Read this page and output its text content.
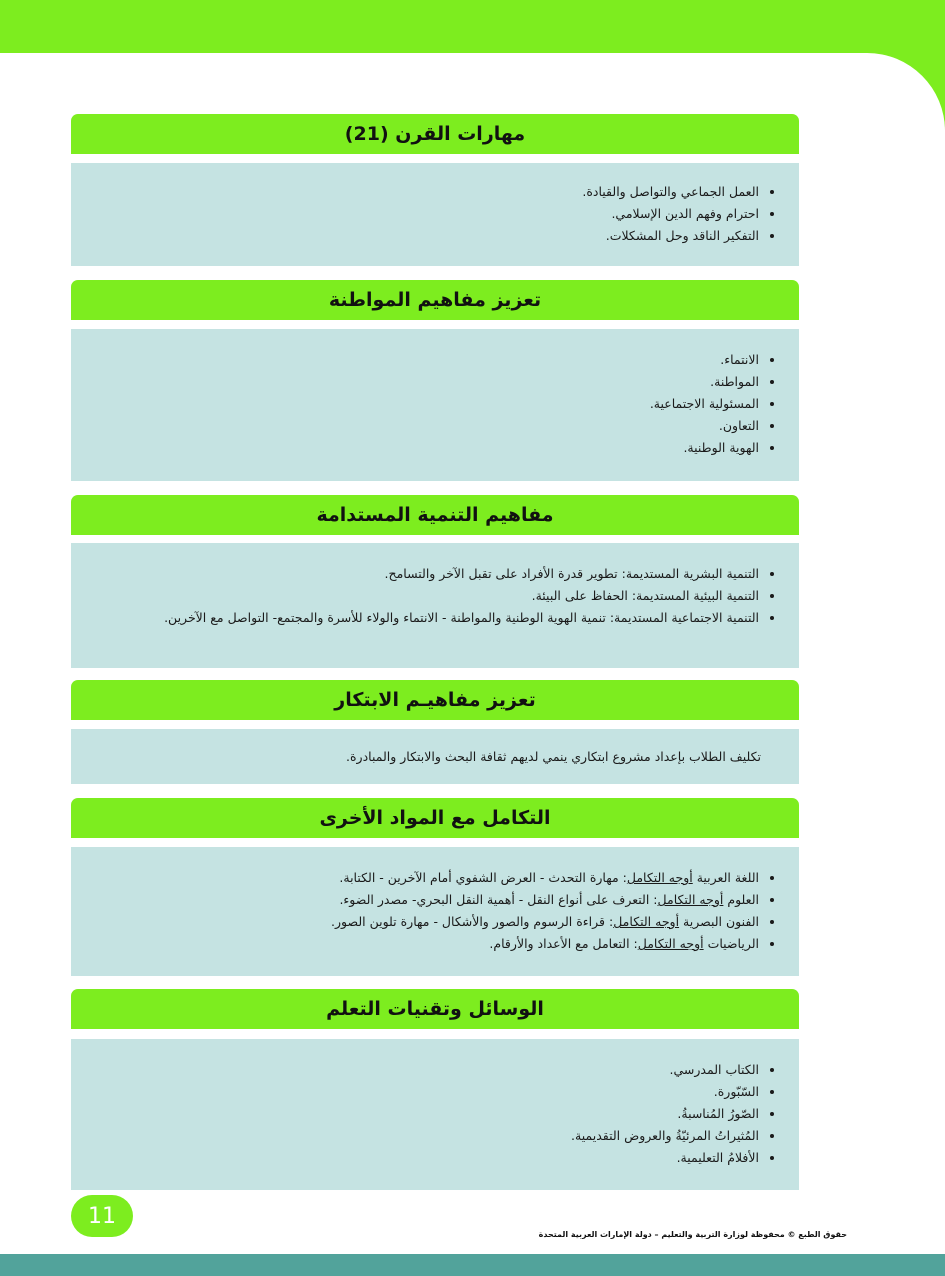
مهارات القرن (21)
• العمل الجماعي والتواصل والقيادة.
• احترام وفهم الدين الإسلامي.
• التفكير الناقد وحل المشكلات.
تعزيز مفاهيم المواطنة
• الانتماء.
• المواطنة.
• المسئولية الاجتماعية.
• التعاون.
• الهوية الوطنية.
مفاهيم التنمية المستدامة
• التنمية البشرية المستديمة: تطوير قدرة الأفراد على تقبل الآخر والتسامح.
• التنمية البيئية المستديمة: الحفاظ على البيئة.
• التنمية الاجتماعية المستديمة: تنمية الهوية الوطنية والمواطنة - الانتماء والولاء للأسرة والمجتمع- التواصل مع الآخرين.
تعزيز مفاهيـم الابتكار

تكليف الطلاب بإعداد مشروع ابتكاري ينمي لديهم ثقافة البحث والابتكار والمبادرة.

التكامل مع المواد الأخرى
• اللغة العربية أوجه التكامل: مهارة التحدث - العرض الشفوي أمام الآخرين - الكتابة.
• العلوم أوجه التكامل: التعرف على أنواع النقل - أهمية النقل البحري- مصدر الضوء.
• الفنون البصرية أوجه التكامل: قراءة الرسوم والصور والأشكال - مهارة تلوين الصور.
• الرياضيات أوجه التكامل: التعامل مع الأعداد والأرقام.
الوسائل وتقنيات التعلم
• الكتاب المدرسي.
• السّبّورة.
• الصّورُ المُناسبةُ.
• المُثيراتُ المرئيّةُ والعروض التقديمية.
• الأفلامُ التعليمية.
11
حقوق الطبع © محفوظة لوزارة التربية والتعليم – دولة الإمارات العربية المتحدة
